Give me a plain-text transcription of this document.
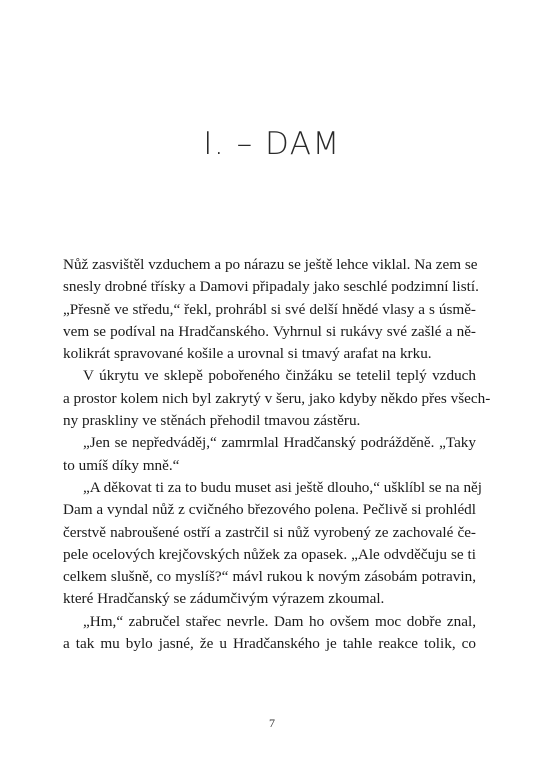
I. – DAM
Nůž zasvištěl vzduchem a po nárazu se ještě lehce viklal. Na zem se
snesly drobné třísky a Damovi připadaly jako seschlé podzimní listí.
„Přesně ve středu,“ řekl, prohrábl si své delší hnědé vlasy a s úsmě-
vem se podíval na Hradčanského. Vyhrnul si rukávy své zašlé a ně-
kolikrát spravované košile a urovnal si tmavý arafat na krku.
V úkrytu ve sklepě pobořeného činžáku se tetelil teplý vzduch
a prostor kolem nich byl zakrytý v šeru, jako kdyby někdo přes všech-
ny praskliny ve stěnách přehodil tmavou zástěru.
„Jen se nepředváděj,“ zamrmlal Hradčanský podrážděně. „Taky
to umíš díky mně.“
„A děkovat ti za to budu muset asi ještě dlouho,“ ušklíbl se na něj
Dam a vyndal nůž z cvičného březového polena. Pečlivě si prohlédl
čerstvě nabroušené ostří a zastrčil si nůž vyrobený ze zachovalé če-
pele ocelových krejčovských nůžek za opasek. „Ale odvděčuju se ti
celkem slušně, co myslíš?“ mávl rukou k novým zásobám potravin,
které Hradčanský se zádumčivým výrazem zkoumal.
„Hm,“ zabručel stařec nevrle. Dam ho ovšem moc dobře znal,
a tak mu bylo jasné, že u Hradčanského je tahle reakce tolik, co
7
